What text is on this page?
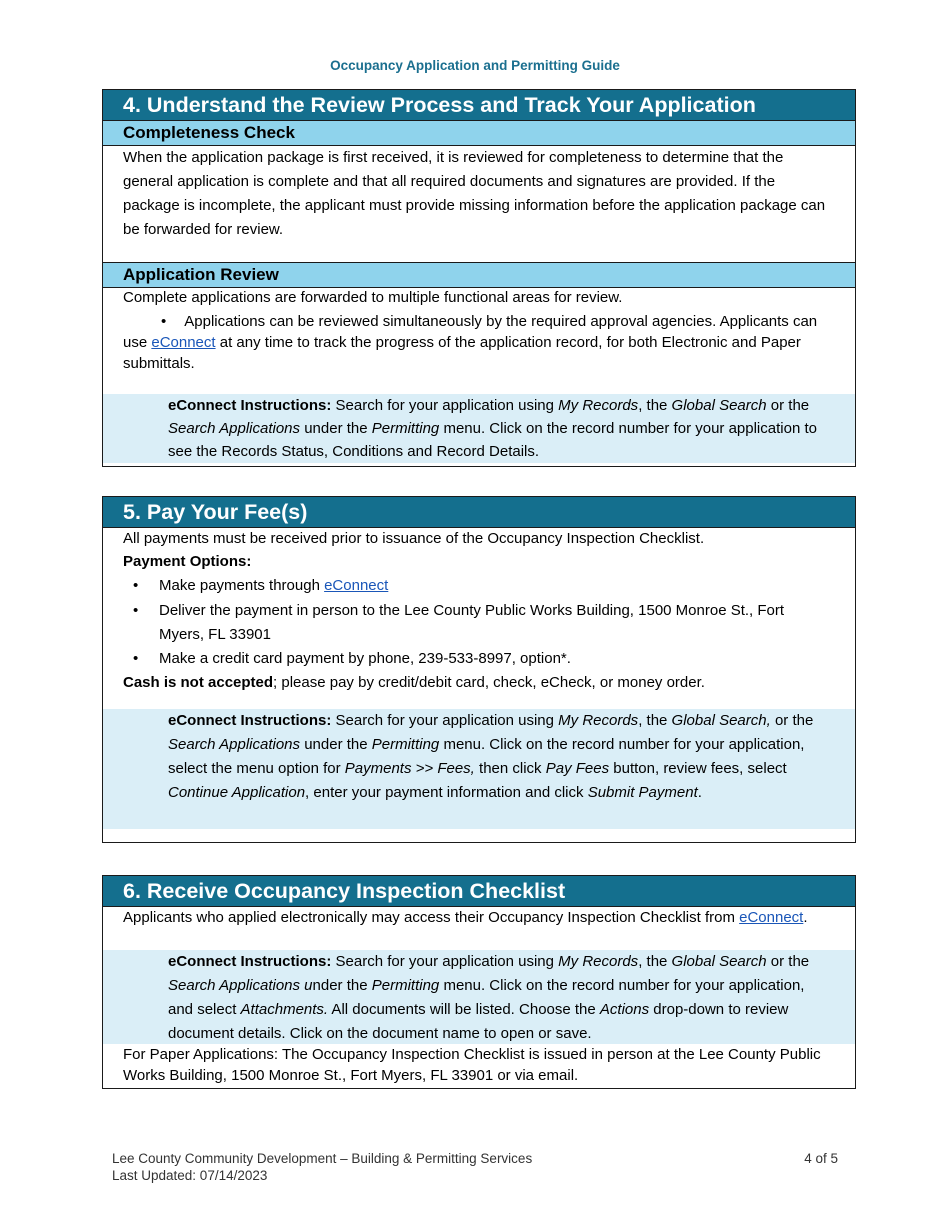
Occupancy Application and Permitting Guide
4. Understand the Review Process and Track Your Application
Completeness Check
When the application package is first received, it is reviewed for completeness to determine that the general application is complete and that all required documents and signatures are provided. If the package is incomplete, the applicant must provide missing information before the application package can be forwarded for review.
Application Review
Complete applications are forwarded to multiple functional areas for review.
• Applications can be reviewed simultaneously by the required approval agencies. Applicants can use eConnect at any time to track the progress of the application record, for both Electronic and Paper submittals.
eConnect Instructions: Search for your application using My Records, the Global Search or the Search Applications under the Permitting menu. Click on the record number for your application to see the Records Status, Conditions and Record Details.
5. Pay Your Fee(s)
All payments must be received prior to issuance of the Occupancy Inspection Checklist.
Payment Options:
• Make payments through eConnect
• Deliver the payment in person to the Lee County Public Works Building, 1500 Monroe St., Fort Myers, FL 33901
• Make a credit card payment by phone, 239-533-8997, option*.
Cash is not accepted; please pay by credit/debit card, check, eCheck, or money order.
eConnect Instructions: Search for your application using My Records, the Global Search, or the Search Applications under the Permitting menu. Click on the record number for your application, select the menu option for Payments >> Fees, then click Pay Fees button, review fees, select Continue Application, enter your payment information and click Submit Payment.
6. Receive Occupancy Inspection Checklist
Applicants who applied electronically may access their Occupancy Inspection Checklist from eConnect.
eConnect Instructions: Search for your application using My Records, the Global Search or the Search Applications under the Permitting menu. Click on the record number for your application, and select Attachments. All documents will be listed. Choose the Actions drop-down to review document details. Click on the document name to open or save.
For Paper Applications: The Occupancy Inspection Checklist is issued in person at the Lee County Public Works Building, 1500 Monroe St., Fort Myers, FL 33901 or via email.
Lee County Community Development – Building & Permitting Services
Last Updated: 07/14/2023
4 of 5
